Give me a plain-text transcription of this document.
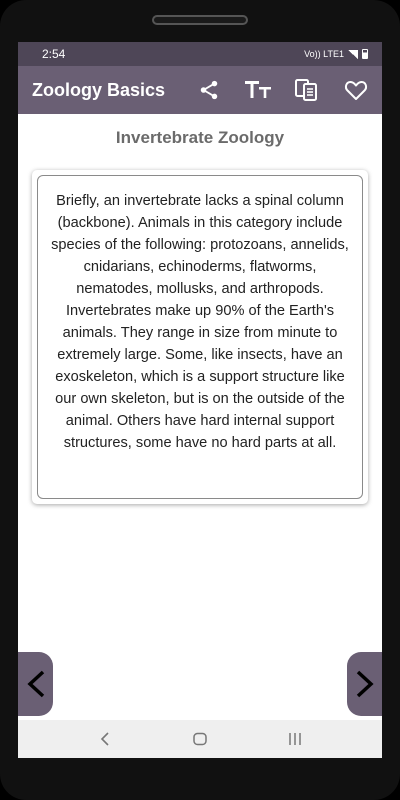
2:54	Vo)) LTE1
Zoology Basics
Invertebrate Zoology

Briefly, an invertebrate lacks a spinal column (backbone). Animals in this category include species of the following: protozoans, annelids, cnidarians, echinoderms, flatworms, nematodes, mollusks, and arthropods. Invertebrates make up 90% of the Earth's animals. They range in size from minute to extremely large. Some, like insects, have an exoskeleton, which is a support structure like our own skeleton, but is on the outside of the animal. Others have hard internal support structures, some have no hard parts at all.
